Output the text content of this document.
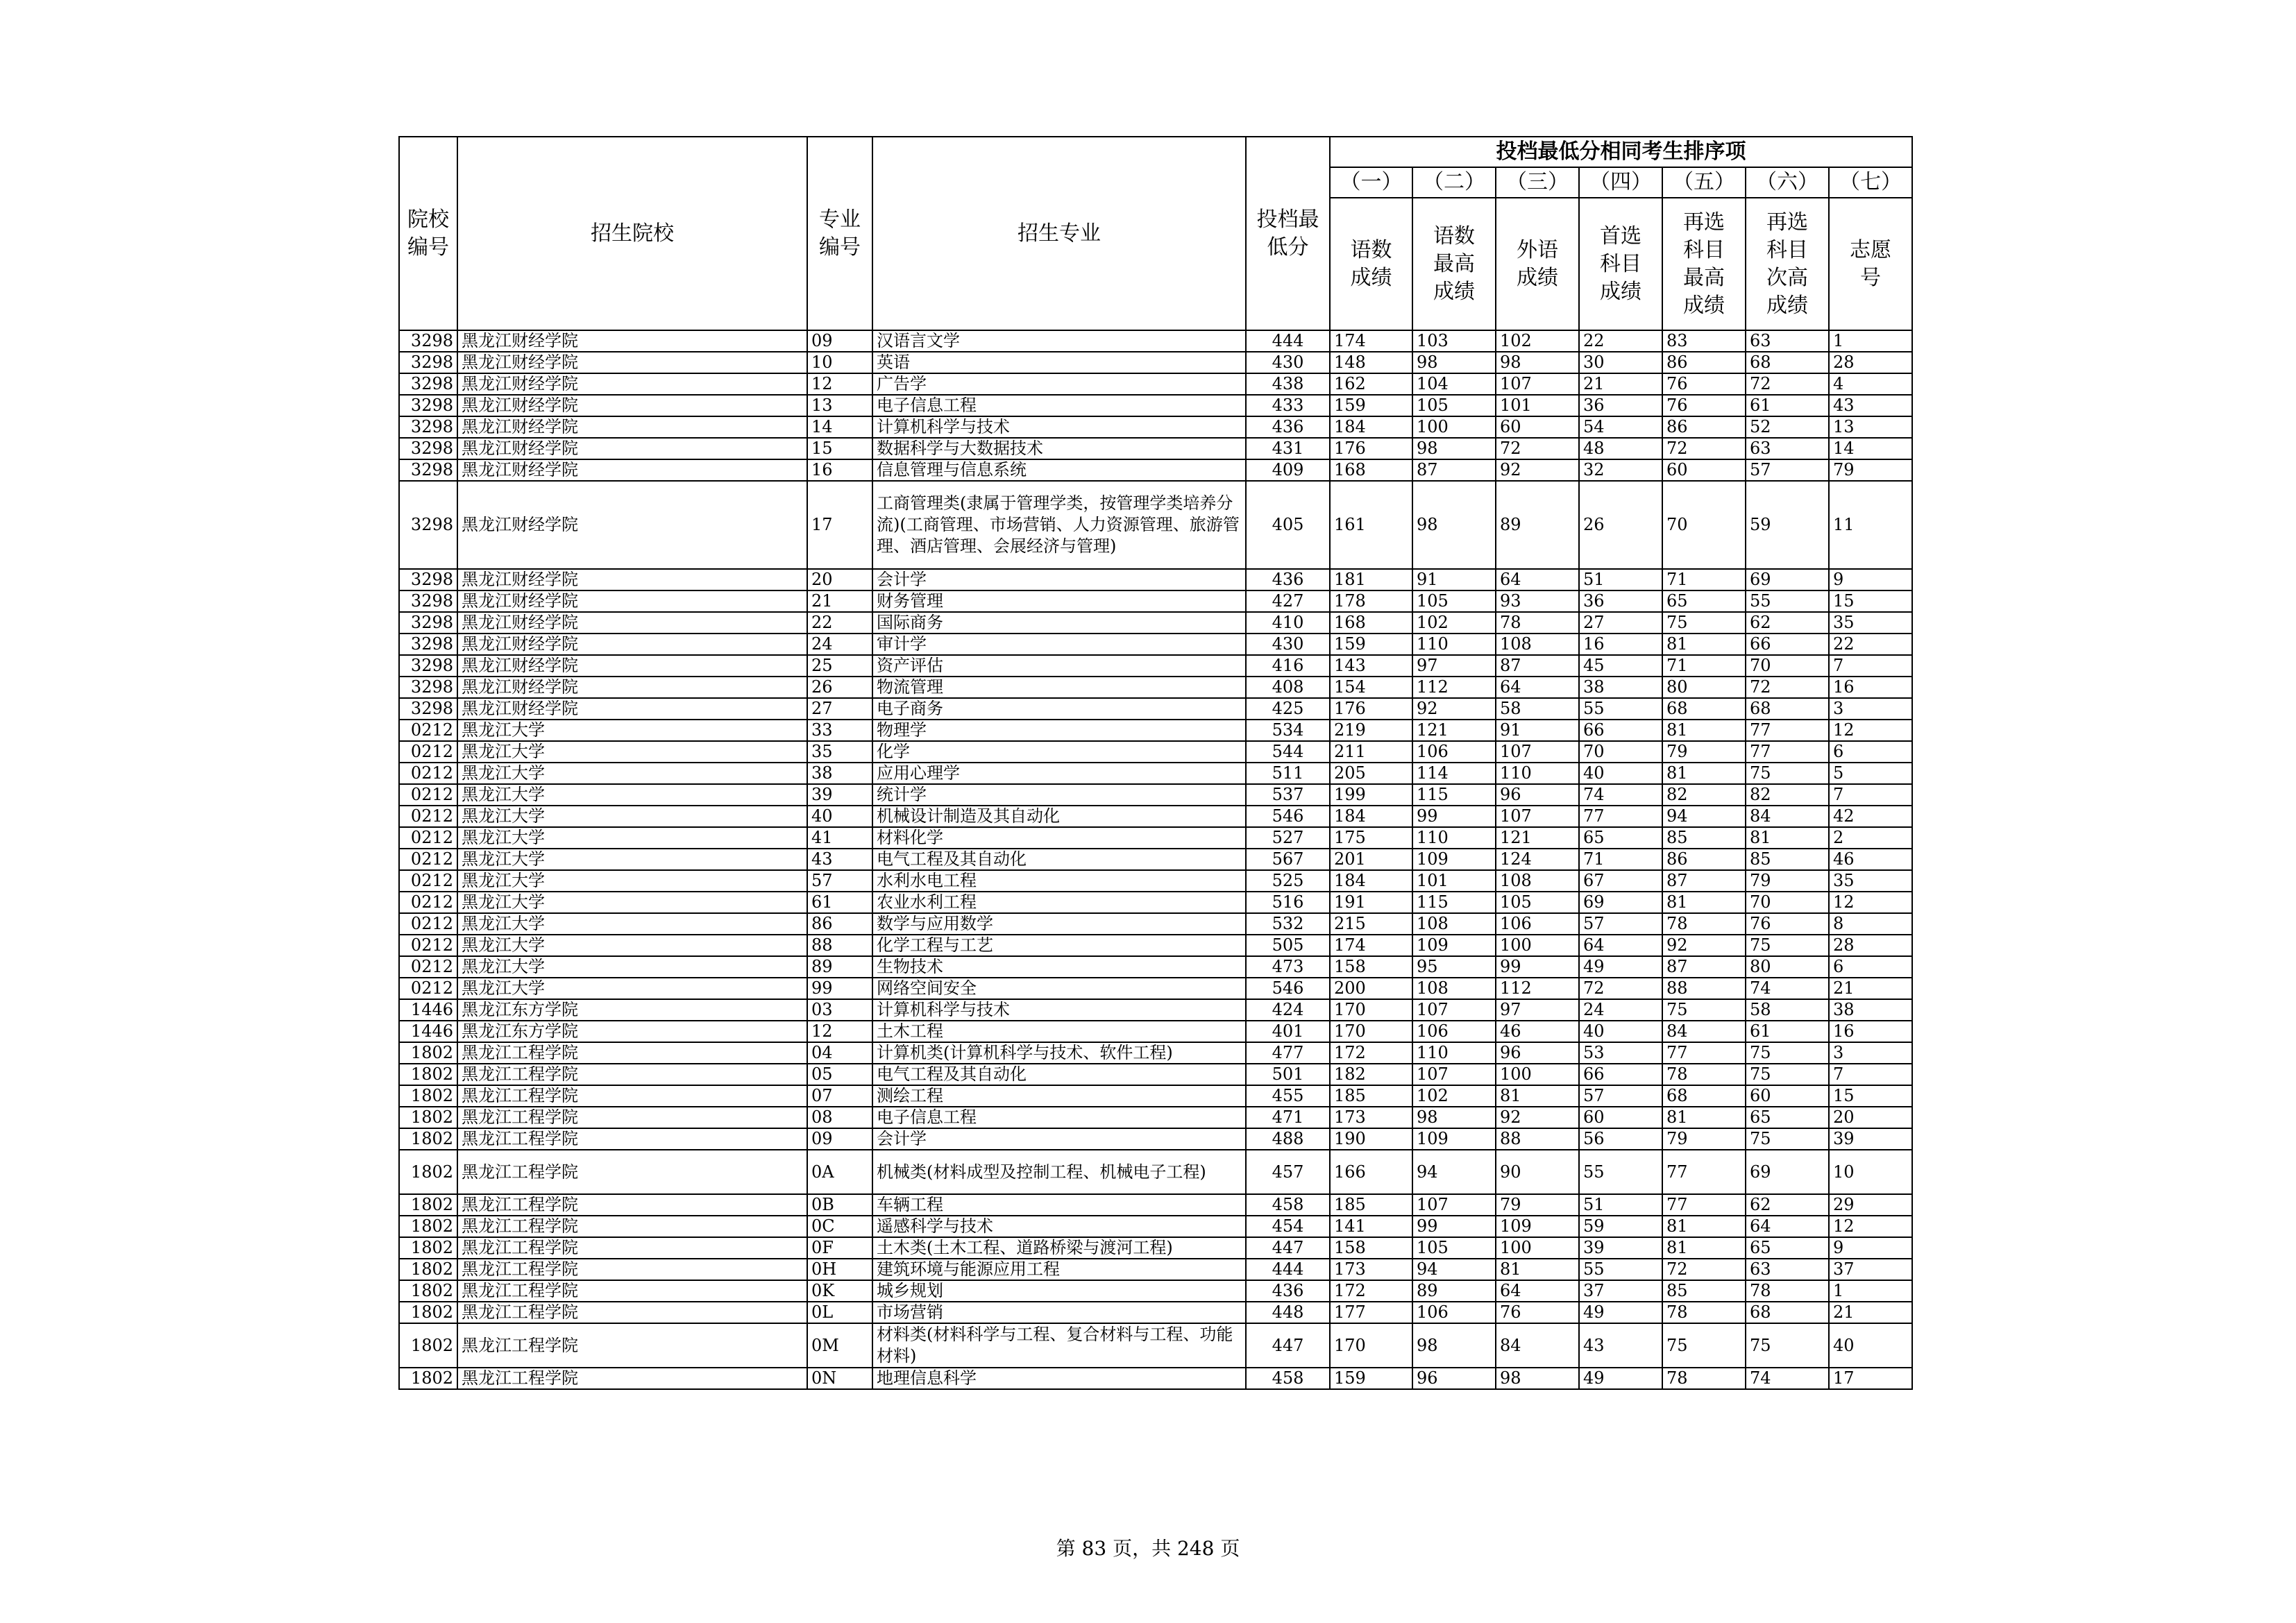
院校编号	招生院校	专业编号	招生专业	投档最低分	投档最低分相同考生排序项						
					（一）	（二）	（三）	（四）	（五）	（六）	（七）
					语数成绩	语数最高成绩	外语成绩	首选科目成绩	再选科目最高成绩	再选科目次高成绩	志愿号
3298	黑龙江财经学院	09	汉语言文学	444	174	103	102	22	83	63	1
3298	黑龙江财经学院	10	英语	430	148	98	98	30	86	68	28
3298	黑龙江财经学院	12	广告学	438	162	104	107	21	76	72	4
3298	黑龙江财经学院	13	电子信息工程	433	159	105	101	36	76	61	43
3298	黑龙江财经学院	14	计算机科学与技术	436	184	100	60	54	86	52	13
3298	黑龙江财经学院	15	数据科学与大数据技术	431	176	98	72	48	72	63	14
3298	黑龙江财经学院	16	信息管理与信息系统	409	168	87	92	32	60	57	79
3298	黑龙江财经学院	17	工商管理类(隶属于管理学类，按管理学类培养分流)(工商管理、市场营销、人力资源管理、旅游管理、酒店管理、会展经济与管理)	405	161	98	89	26	70	59	11
3298	黑龙江财经学院	20	会计学	436	181	91	64	51	71	69	9
3298	黑龙江财经学院	21	财务管理	427	178	105	93	36	65	55	15
3298	黑龙江财经学院	22	国际商务	410	168	102	78	27	75	62	35
3298	黑龙江财经学院	24	审计学	430	159	110	108	16	81	66	22
3298	黑龙江财经学院	25	资产评估	416	143	97	87	45	71	70	7
3298	黑龙江财经学院	26	物流管理	408	154	112	64	38	80	72	16
3298	黑龙江财经学院	27	电子商务	425	176	92	58	55	68	68	3
0212	黑龙江大学	33	物理学	534	219	121	91	66	81	77	12
0212	黑龙江大学	35	化学	544	211	106	107	70	79	77	6
0212	黑龙江大学	38	应用心理学	511	205	114	110	40	81	75	5
0212	黑龙江大学	39	统计学	537	199	115	96	74	82	82	7
0212	黑龙江大学	40	机械设计制造及其自动化	546	184	99	107	77	94	84	42
0212	黑龙江大学	41	材料化学	527	175	110	121	65	85	81	2
0212	黑龙江大学	43	电气工程及其自动化	567	201	109	124	71	86	85	46
0212	黑龙江大学	57	水利水电工程	525	184	101	108	67	87	79	35
0212	黑龙江大学	61	农业水利工程	516	191	115	105	69	81	70	12
0212	黑龙江大学	86	数学与应用数学	532	215	108	106	57	78	76	8
0212	黑龙江大学	88	化学工程与工艺	505	174	109	100	64	92	75	28
0212	黑龙江大学	89	生物技术	473	158	95	99	49	87	80	6
0212	黑龙江大学	99	网络空间安全	546	200	108	112	72	88	74	21
1446	黑龙江东方学院	03	计算机科学与技术	424	170	107	97	24	75	58	38
1446	黑龙江东方学院	12	土木工程	401	170	106	46	40	84	61	16
1802	黑龙江工程学院	04	计算机类(计算机科学与技术、软件工程)	477	172	110	96	53	77	75	3
1802	黑龙江工程学院	05	电气工程及其自动化	501	182	107	100	66	78	75	7
1802	黑龙江工程学院	07	测绘工程	455	185	102	81	57	68	60	15
1802	黑龙江工程学院	08	电子信息工程	471	173	98	92	60	81	65	20
1802	黑龙江工程学院	09	会计学	488	190	109	88	56	79	75	39
1802	黑龙江工程学院	0A	机械类(材料成型及控制工程、机械电子工程)	457	166	94	90	55	77	69	10
1802	黑龙江工程学院	0B	车辆工程	458	185	107	79	51	77	62	29
1802	黑龙江工程学院	0C	遥感科学与技术	454	141	99	109	59	81	64	12
1802	黑龙江工程学院	0F	土木类(土木工程、道路桥梁与渡河工程)	447	158	105	100	39	81	65	9
1802	黑龙江工程学院	0H	建筑环境与能源应用工程	444	173	94	81	55	72	63	37
1802	黑龙江工程学院	0K	城乡规划	436	172	89	64	37	85	78	1
1802	黑龙江工程学院	0L	市场营销	448	177	106	76	49	78	68	21
1802	黑龙江工程学院	0M	材料类(材料科学与工程、复合材料与工程、功能材料)	447	170	98	84	43	75	75	40
1802	黑龙江工程学院	0N	地理信息科学	458	159	96	98	49	78	74	17
第 83 页，共 248 页
